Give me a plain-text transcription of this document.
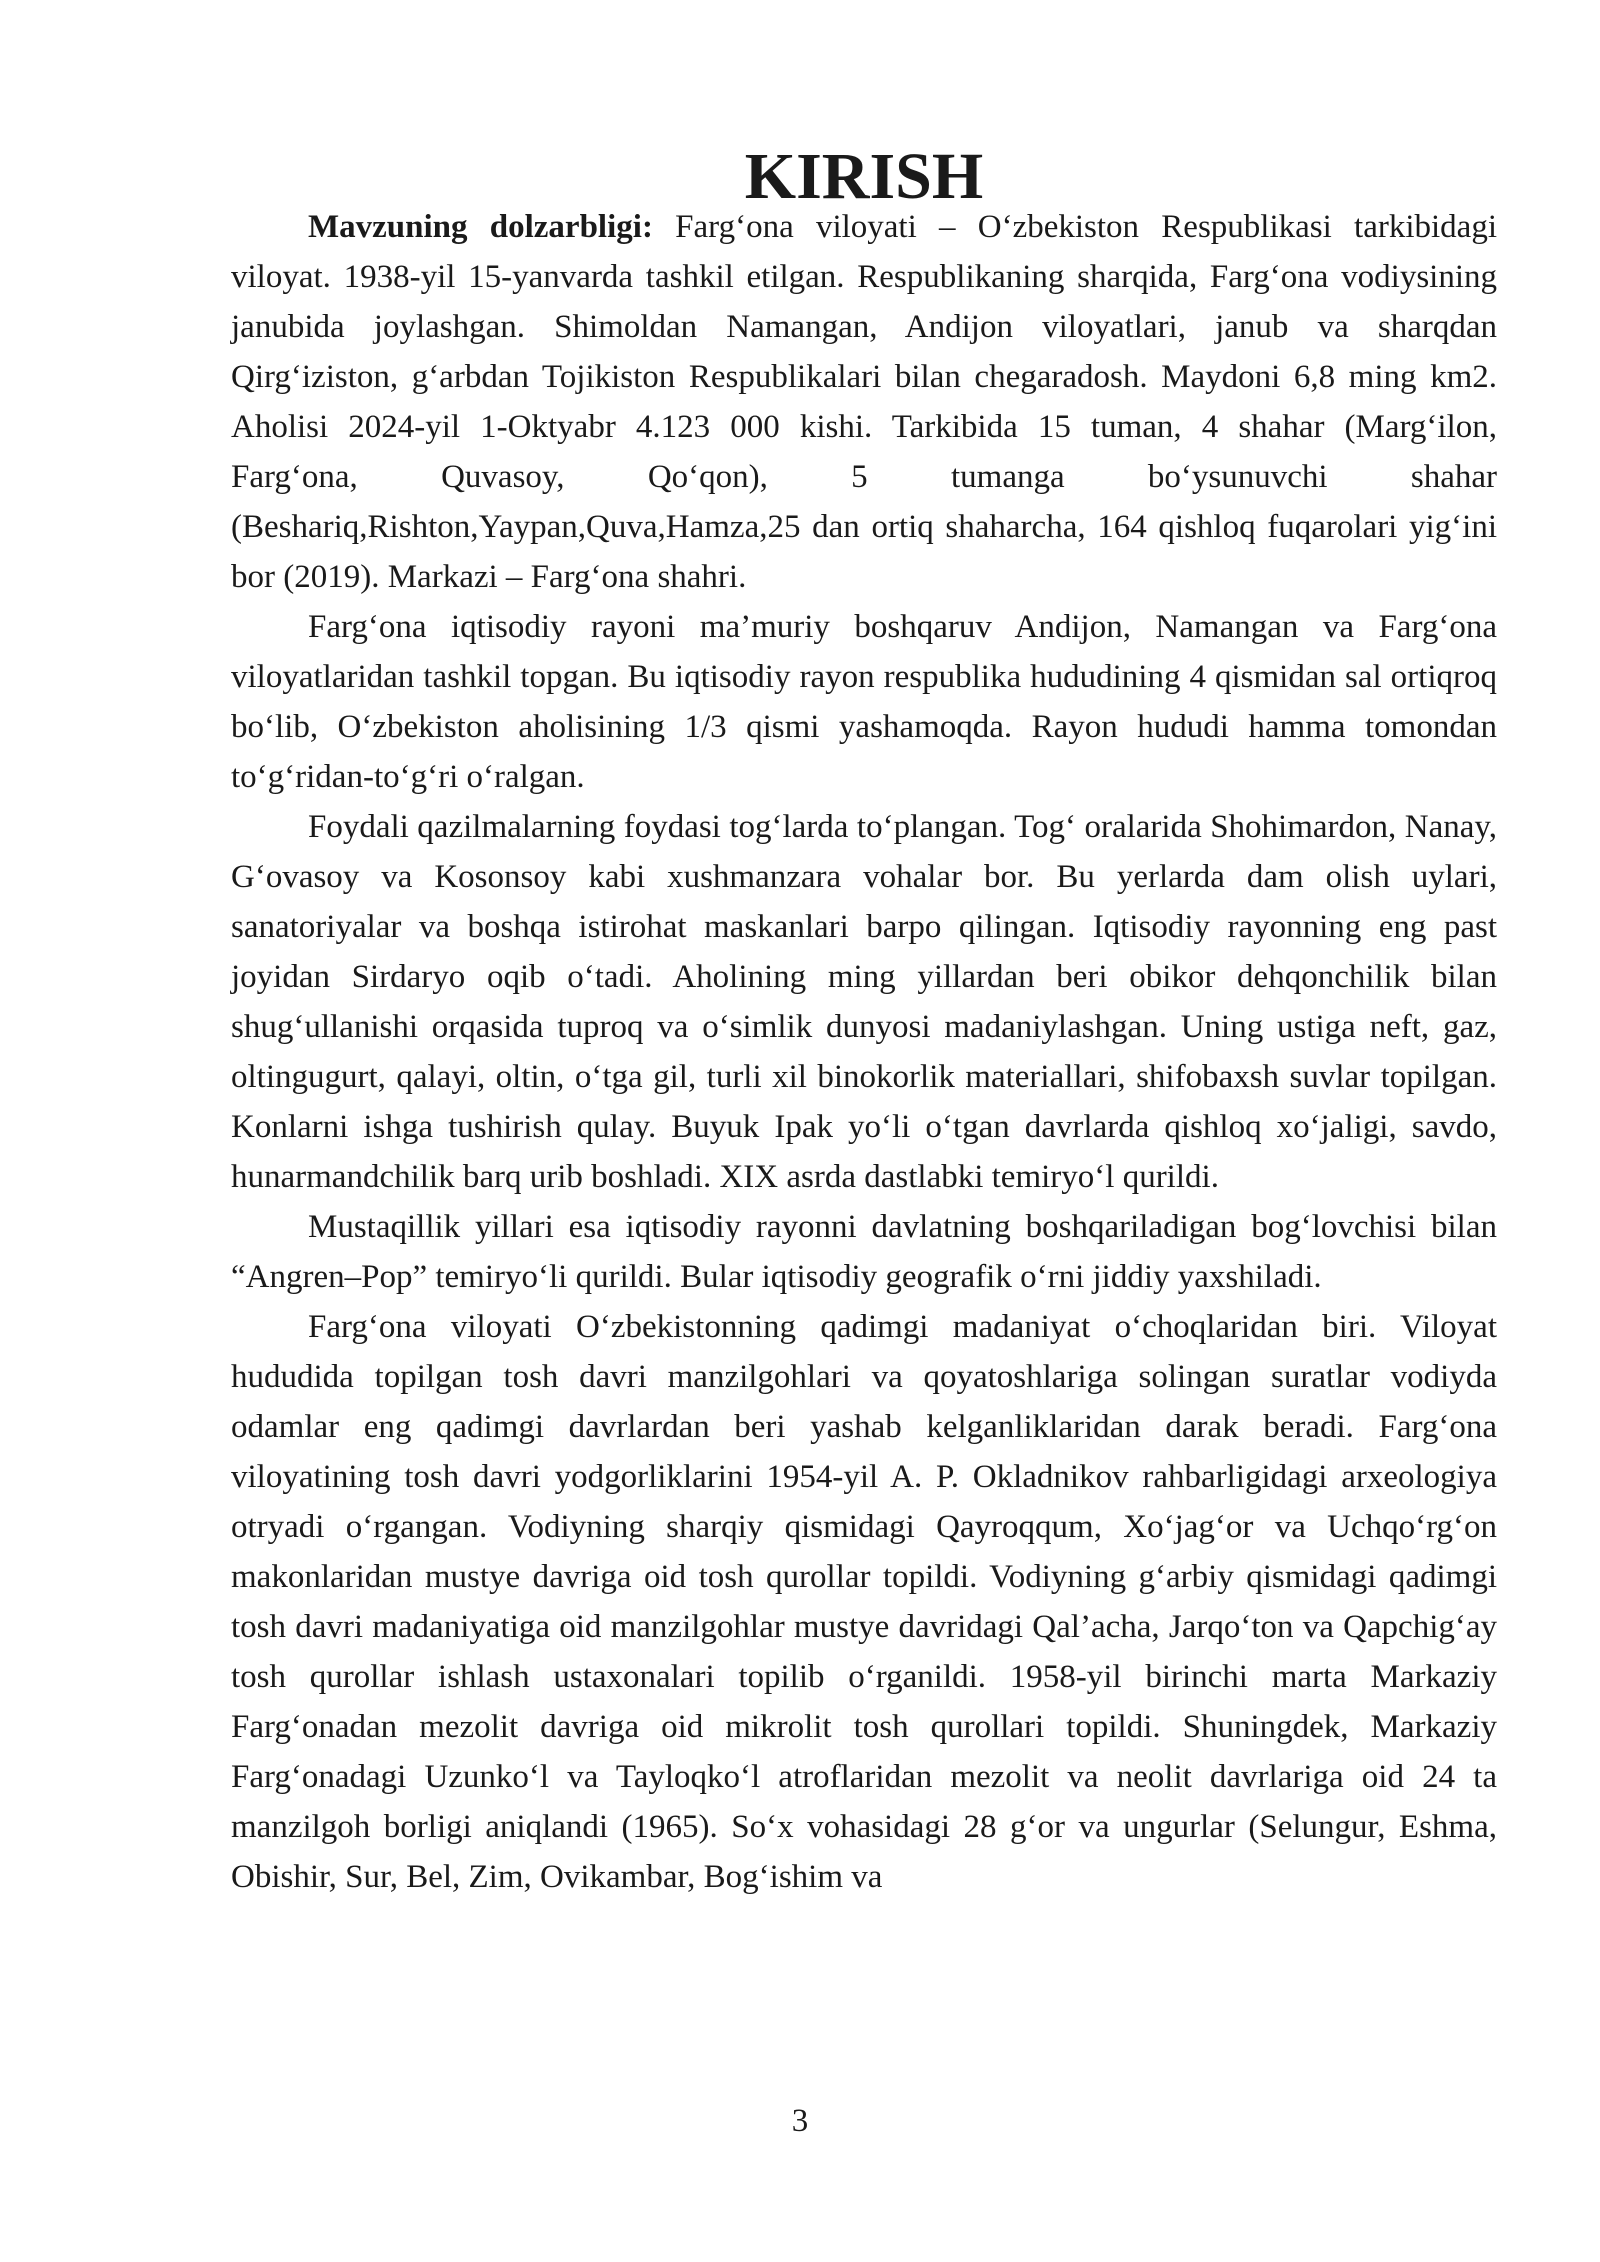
KIRISH

Mavzuning dolzarbligi: Farg‘ona viloyati – O‘zbekiston Respublikasi tarkibidagi viloyat. 1938-yil 15-yanvarda tashkil etilgan. Respublikaning sharqida, Farg‘ona vodiysining janubida joylashgan. Shimoldan Namangan, Andijon viloyatlari, janub va sharqdan Qirg‘iziston, g‘arbdan Tojikiston Respublikalari bilan chegaradosh. Maydoni 6,8 ming km2. Aholisi 2024-yil 1-Oktyabr 4.123 000 kishi. Tarkibida 15 tuman, 4 shahar (Marg‘ilon, Farg‘ona, Quvasoy, Qo‘qon), 5 tumanga bo‘ysunuvchi shahar (Beshariq,Rishton,Yaypan,Quva,Hamza,25 dan ortiq shaharcha, 164 qishloq fuqarolari yig‘ini bor (2019). Markazi – Farg‘ona shahri.

Farg‘ona iqtisodiy rayoni ma’muriy boshqaruv Andijon, Namangan va Farg‘ona viloyatlaridan tashkil topgan. Bu iqtisodiy rayon respublika hududining 4 qismidan sal ortiqroq bo‘lib, O‘zbekiston aholisining 1/3 qismi yashamoqda. Rayon hududi hamma tomondan to‘g‘ridan-to‘g‘ri o‘ralgan.

Foydali qazilmalarning foydasi tog‘larda to‘plangan. Tog‘ oralarida Shohimardon, Nanay, G‘ovasoy va Kosonsoy kabi xushmanzara vohalar bor. Bu yerlarda dam olish uylari, sanatoriyalar va boshqa istirohat maskanlari barpo qilingan. Iqtisodiy rayonning eng past joyidan Sirdaryo oqib o‘tadi. Aholining ming yillardan beri obikor dehqonchilik bilan shug‘ullanishi orqasida tuproq va o‘simlik dunyosi madaniylashgan. Uning ustiga neft, gaz, oltingugurt, qalayi, oltin, o‘tga gil, turli xil binokorlik materiallari, shifobaxsh suvlar topilgan. Konlarni ishga tushirish qulay. Buyuk Ipak yo‘li o‘tgan davrlarda qishloq xo‘jaligi, savdo, hunarmandchilik barq urib boshladi. XIX asrda dastlabki temiryo‘l qurildi.

Mustaqillik yillari esa iqtisodiy rayonni davlatning boshqariladigan bog‘lovchisi bilan “Angren–Pop” temiryo‘li qurildi. Bular iqtisodiy geografik o‘rni jiddiy yaxshiladi.

Farg‘ona viloyati O‘zbekistonning qadimgi madaniyat o‘choqlaridan biri. Viloyat hududida topilgan tosh davri manzilgohlari va qoyatoshlariga solingan suratlar vodiyda odamlar eng qadimgi davrlardan beri yashab kelganliklaridan darak beradi. Farg‘ona viloyatining tosh davri yodgorliklarini 1954-yil A. P. Okladnikov rahbarligidagi arxeologiya otryadi o‘rgangan. Vodiyning sharqiy qismidagi Qayroqqum, Xo‘jag‘or va Uchqo‘rg‘on makonlaridan mustye davriga oid tosh qurollar topildi. Vodiyning g‘arbiy qismidagi qadimgi tosh davri madaniyatiga oid manzilgohlar mustye davridagi Qal’acha, Jarqo‘ton va Qapchig‘ay tosh qurollar ishlash ustaxonalari topilib o‘rganildi. 1958-yil birinchi marta Markaziy Farg‘onadan mezolit davriga oid mikrolit tosh qurollari topildi. Shuningdek, Markaziy Farg‘onadagi Uzunko‘l va Tayloqko‘l atroflaridan mezolit va neolit davrlariga oid 24 ta manzilgoh borligi aniqlandi (1965). So‘x vohasidagi 28 g‘or va ungurlar (Selungur, Eshma, Obishir, Sur, Bel, Zim, Ovikambar, Bog‘ishim va

3
